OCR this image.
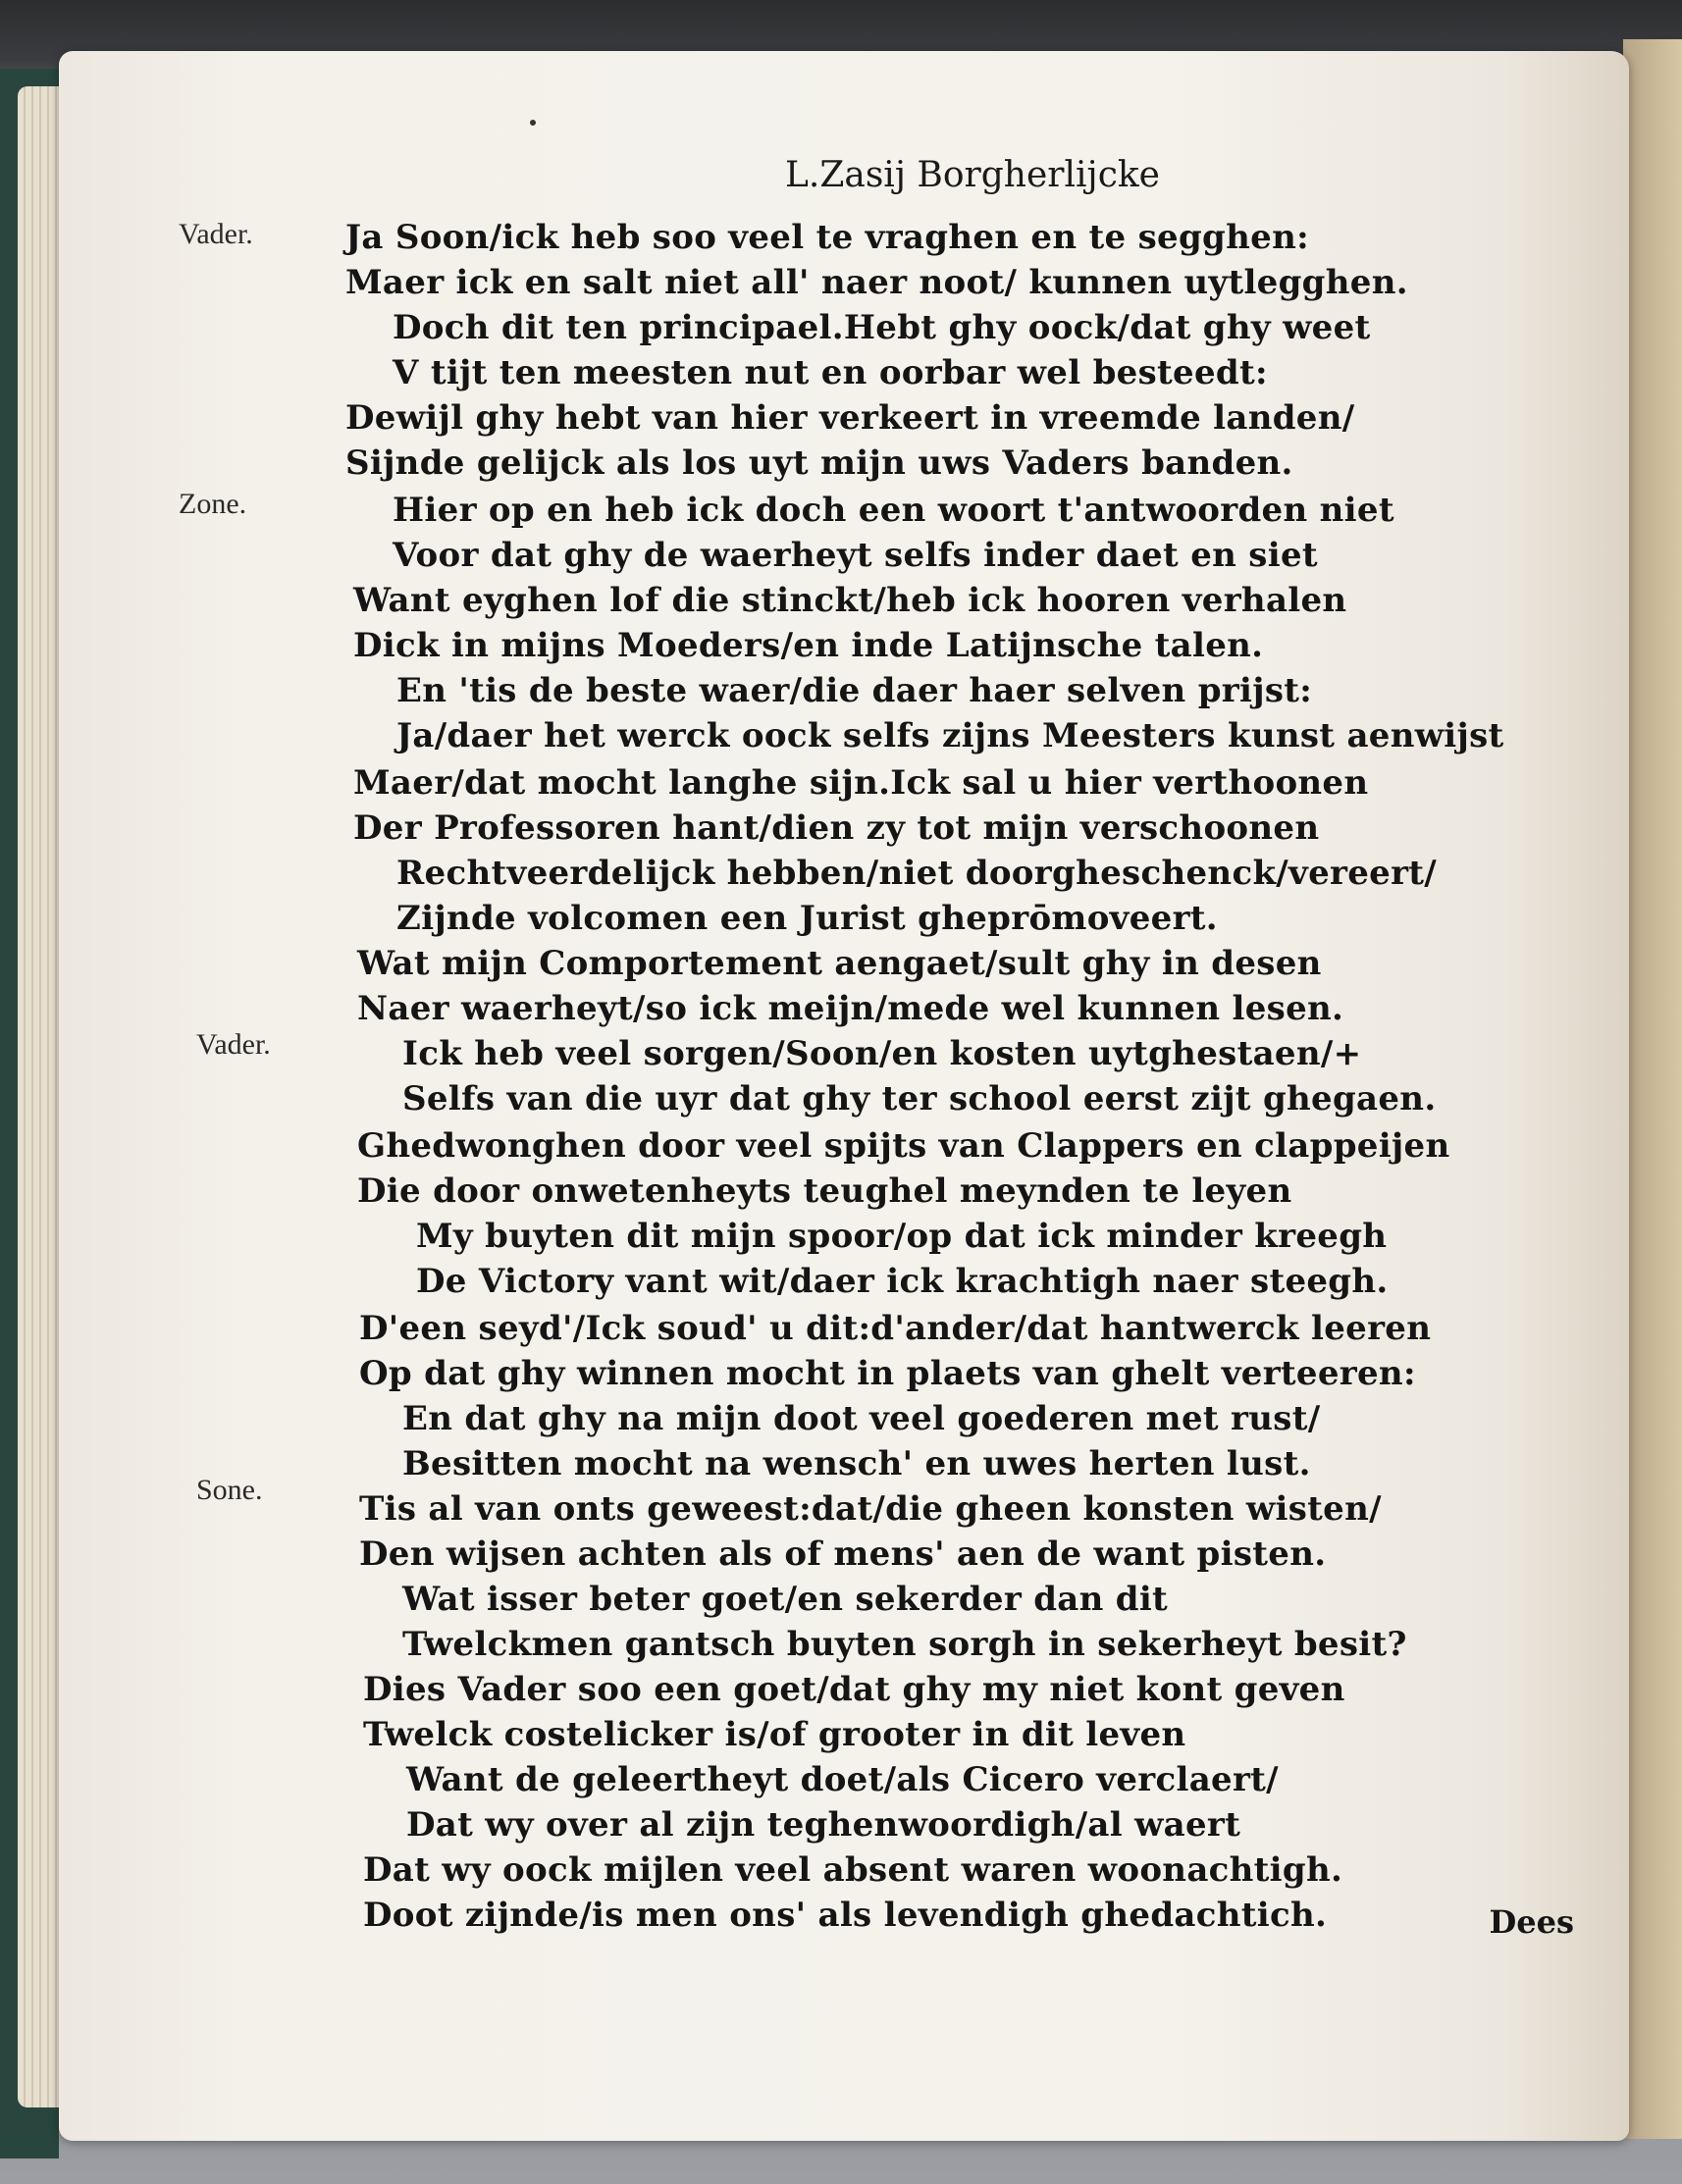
L.Zasij Borgherlijcke
Vader.
Zone.
Vader.
Sone.
Ja Soon/ick heb soo veel te vraghen en te segghen:
Maer ick en salt niet all' naer noot/ kunnen uytlegghen.
Doch dit ten principael.Hebt ghy oock/dat ghy weet
V tijt ten meesten nut en oorbar wel besteedt:
Dewijl ghy hebt van hier verkeert in vreemde landen/
Sijnde gelijck als los uyt mijn uws Vaders banden.
Hier op en heb ick doch een woort t'antwoorden niet
Voor dat ghy de waerheyt selfs inder daet en siet
Want eyghen lof die stinckt/heb ick hooren verhalen
Dick in mijns Moeders/en inde Latijnsche talen.
En 'tis de beste waer/die daer haer selven prijst:
Ja/daer het werck oock selfs zijns Meesters kunst aenwijst
Maer/dat mocht langhe sijn.Ick sal u hier verthoonen
Der Professoren hant/dien zy tot mijn verschoonen
Rechtveerdelijck hebben/niet doorgheschenck/vereert/
Zijnde volcomen een Jurist gheprōmoveert.
Wat mijn Comportement aengaet/sult ghy in desen
Naer waerheyt/so ick meijn/mede wel kunnen lesen.
Ick heb veel sorgen/Soon/en kosten uytghestaen/+
Selfs van die uyr dat ghy ter school eerst zijt ghegaen.
Ghedwonghen door veel spijts van Clappers en clappeijen
Die door onwetenheyts teughel meynden te leyen
My buyten dit mijn spoor/op dat ick minder kreegh
De Victory vant wit/daer ick krachtigh naer steegh.
D'een seyd'/Ick soud' u dit:d'ander/dat hantwerck leeren
Op dat ghy winnen mocht in plaets van ghelt verteeren:
En dat ghy na mijn doot veel goederen met rust/
Besitten mocht na wensch' en uwes herten lust.
Tis al van onts geweest:dat/die gheen konsten wisten/
Den wijsen achten als of mens' aen de want pisten.
Wat isser beter goet/en sekerder dan dit
Twelckmen gantsch buyten sorgh in sekerheyt besit?
Dies Vader soo een goet/dat ghy my niet kont geven
Twelck costelicker is/of grooter in dit leven
Want de geleertheyt doet/als Cicero verclaert/
Dat wy over al zijn teghenwoordigh/al waert
Dat wy oock mijlen veel absent waren woonachtigh.
Doot zijnde/is men ons' als levendigh ghedachtich.	Dees
